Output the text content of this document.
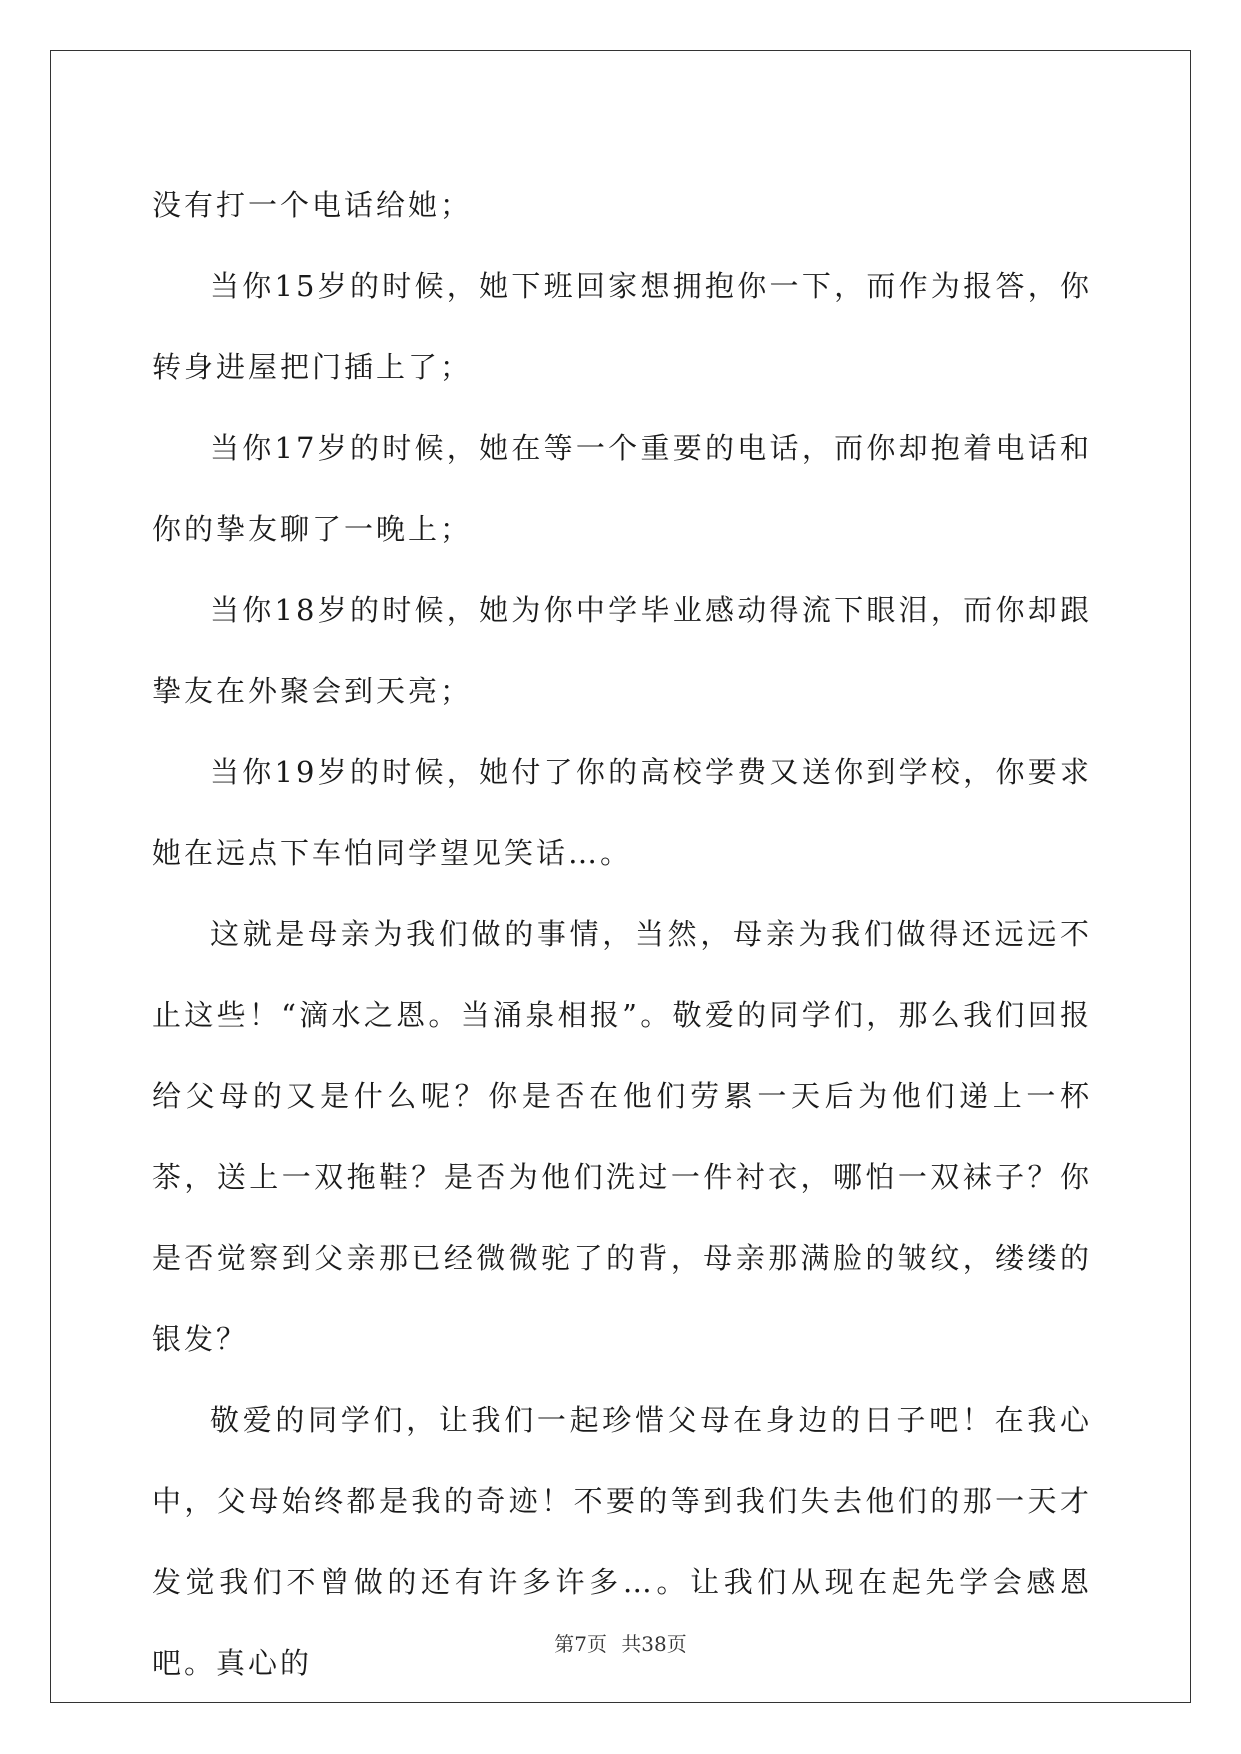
没有打一个电话给她；

当你15岁的时候，她下班回家想拥抱你一下，而作为报答，你转身进屋把门插上了；

当你17岁的时候，她在等一个重要的电话，而你却抱着电话和你的挚友聊了一晚上；

当你18岁的时候，她为你中学毕业感动得流下眼泪，而你却跟挚友在外聚会到天亮；

当你19岁的时候，她付了你的高校学费又送你到学校，你要求她在远点下车怕同学望见笑话…。

这就是母亲为我们做的事情，当然，母亲为我们做得还远远不止这些！“滴水之恩。当涌泉相报”。敬爱的同学们，那么我们回报给父母的又是什么呢？你是否在他们劳累一天后为他们递上一杯茶，送上一双拖鞋？是否为他们洗过一件衬衣，哪怕一双袜子？你是否觉察到父亲那已经微微驼了的背，母亲那满脸的皱纹，缕缕的银发？

敬爱的同学们，让我们一起珍惜父母在身边的日子吧！在我心中，父母始终都是我的奇迹！不要的等到我们失去他们的那一天才发觉我们不曾做的还有许多许多…。让我们从现在起先学会感恩吧。真心的

第7页 共38页
